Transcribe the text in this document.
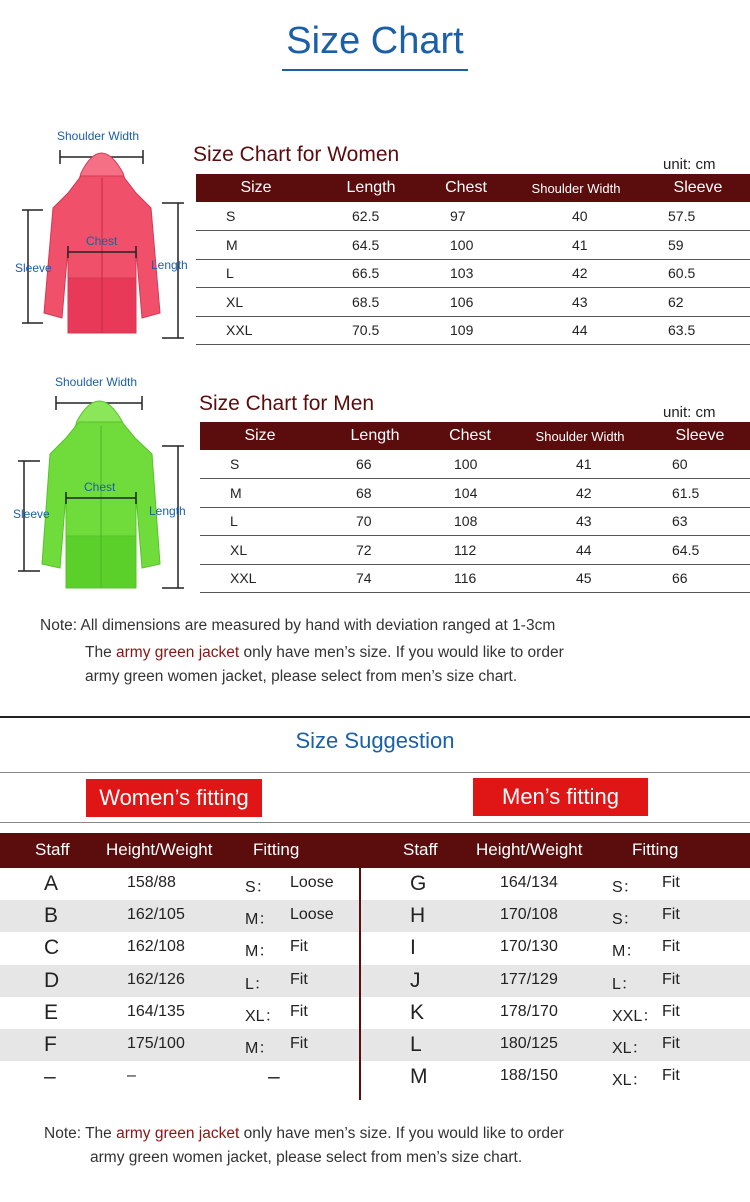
Size Chart
Shoulder Width
Chest
Sleeve	Length
Size Chart for Women	unit: cm
Size	Length	Chest	Shoulder Width	Sleeve
S	62.5	97	40	57.5
M	64.5	100	41	59
L	66.5	103	42	60.5
XL	68.5	106	43	62
XXL	70.5	109	44	63.5
Shoulder Width
Chest
Sleeve	Length
Size Chart for Men	unit: cm
Size	Length	Chest	Shoulder Width	Sleeve
S	66	100	41	60
M	68	104	42	61.5
L	70	108	43	63
XL	72	112	44	64.5
XXL	74	116	45	66
Note: All dimensions are measured by hand with deviation ranged at 1-3cm
The army green jacket only have men’s size. If you would like to order
army green women jacket, please select from men’s size chart.
Size Suggestion
Women’s fitting	Men’s fitting
Staff Height/Weight Fitting	Staff Height/Weight	Fitting
A	158/88	S： Loose
B	162/105	M： Loose
C	162/108	M： Fit
D	162/126	L： Fit
E	164/135	XL： Fit
F	175/100	M： Fit
–	–	–
G	164/134	S： Fit
H	170/108	S： Fit
I	170/130	M： Fit
J	177/129	L： Fit
K	178/170	XXL： Fit
L	180/125	XL： Fit
M	188/150	XL： Fit
Note: The army green jacket only have men’s size. If you would like to order
army green women jacket, please select from men’s size chart.
